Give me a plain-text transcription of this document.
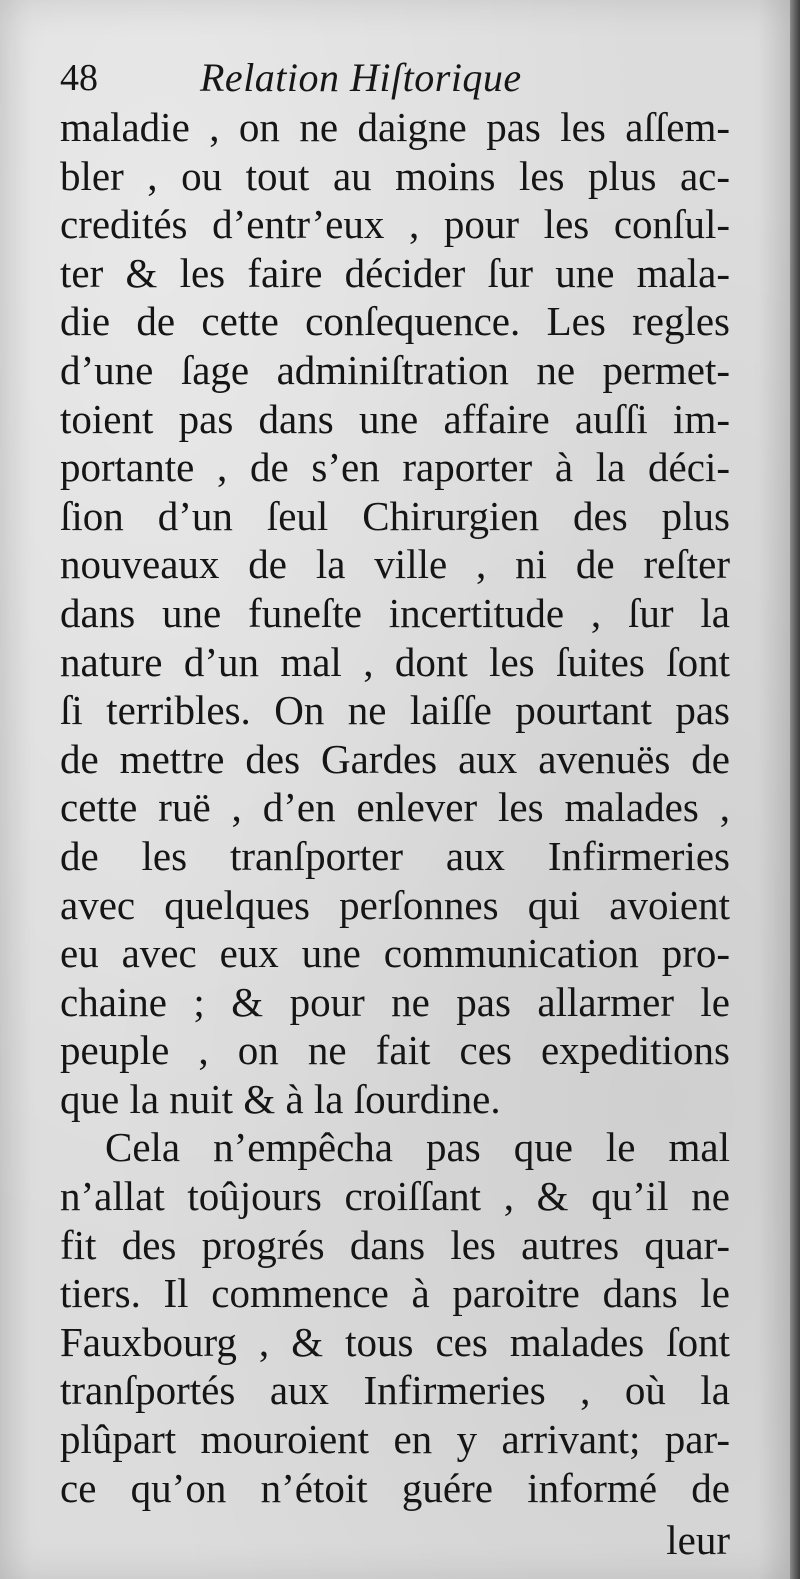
48	Relation Hiſtorique
maladie , on ne daigne pas les aſſem-
bler , ou tout au moins les plus ac-
credités d’entr’eux , pour les conſul-
ter & les faire décider ſur une mala-
die de cette conſequence. Les regles
d’une ſage adminiſtration ne permet-
toient pas dans une affaire auſſi im-
portante , de s’en raporter à la déci-
ſion d’un ſeul Chirurgien des plus
nouveaux de la ville , ni de reſter
dans une funeſte incertitude , ſur la
nature d’un mal , dont les ſuites ſont
ſi terribles. On ne laiſſe pourtant pas
de mettre des Gardes aux avenuës de
cette ruë , d’en enlever les malades ,
de les tranſporter aux Infirmeries
avec quelques perſonnes qui avoient
eu avec eux une communication pro-
chaine ; & pour ne pas allarmer le
peuple , on ne fait ces expeditions
que la nuit & à la ſourdine.
Cela n’empêcha pas que le mal
n’allat toûjours croiſſant , & qu’il ne
fit des progrés dans les autres quar-
tiers. Il commence à paroitre dans le
Fauxbourg , & tous ces malades ſont
tranſportés aux Infirmeries , où la
plûpart mouroient en y arrivant; par-
ce qu’on n’étoit guére informé de
leur
